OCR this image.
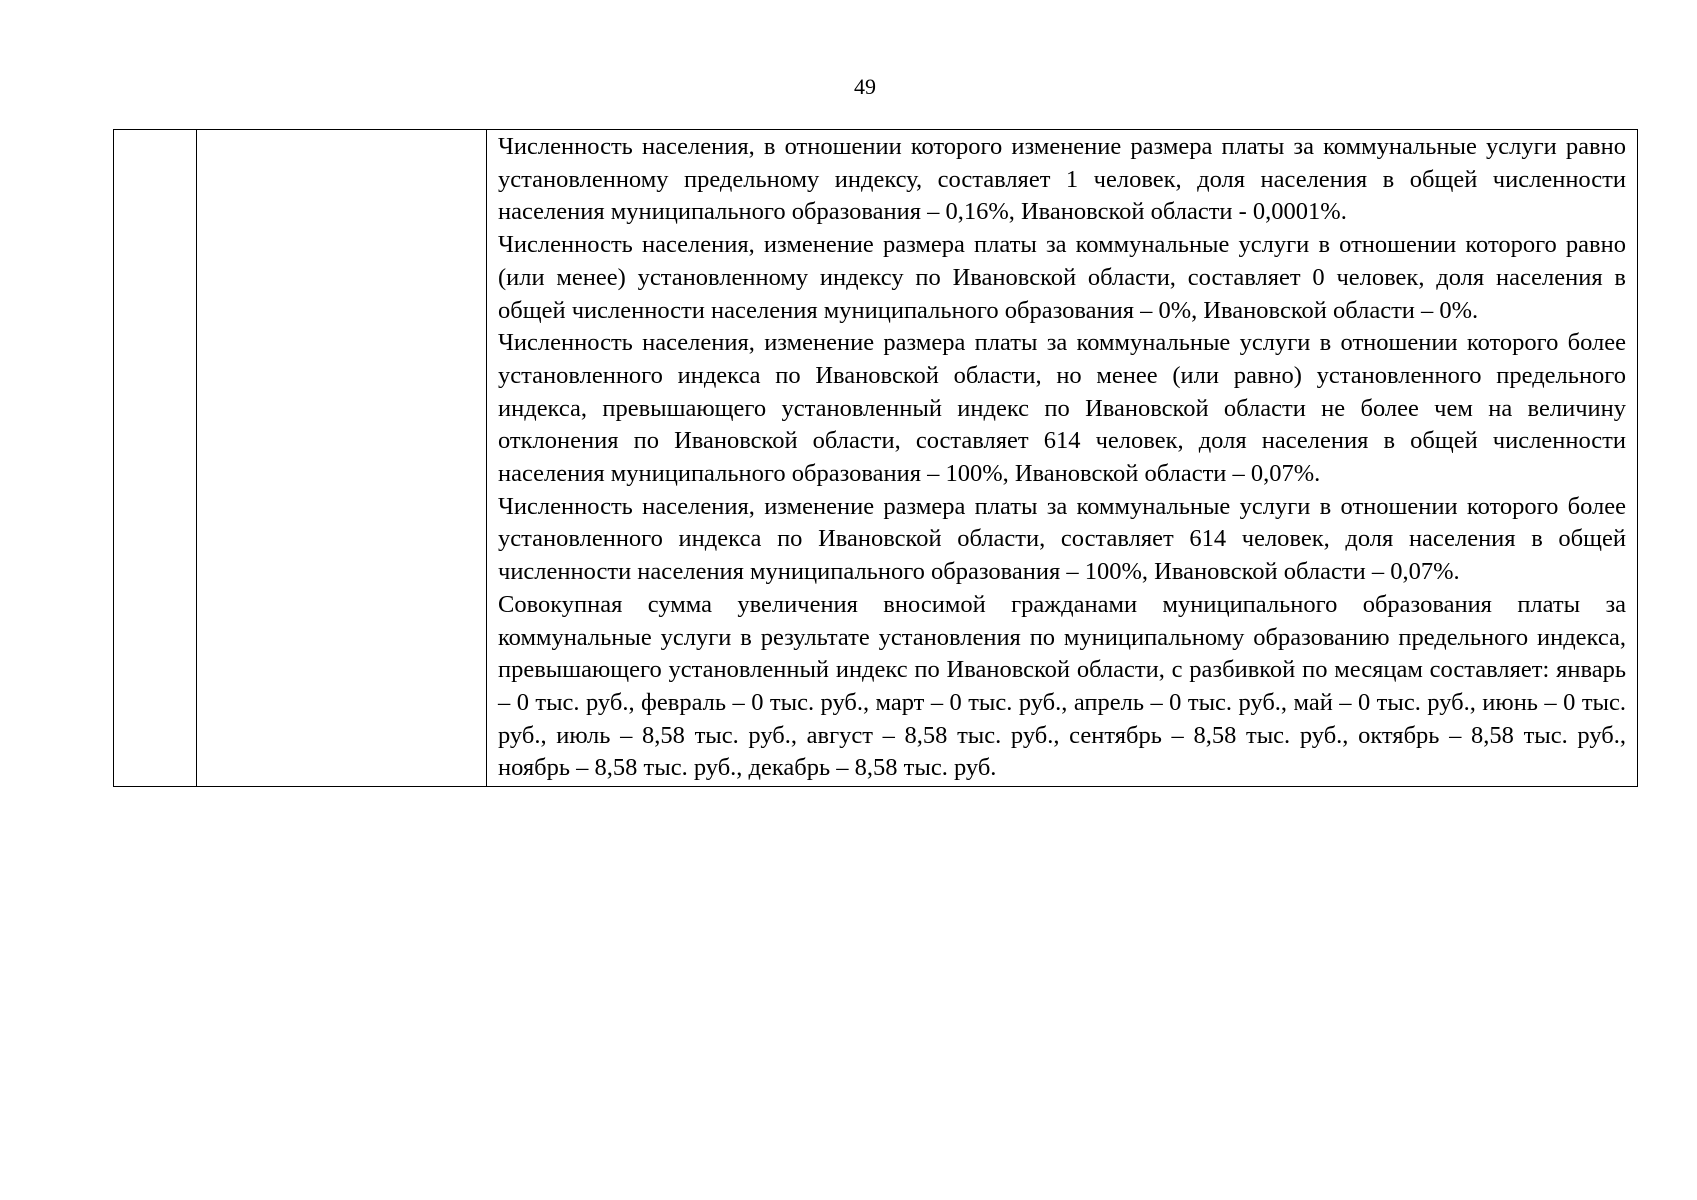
49

Численность населения, в отношении которого изменение размера платы за коммунальные услуги равно установленному предельному индексу, составляет 1 человек, доля населения в общей численности населения муниципального образования – 0,16%, Ивановской области - 0,0001%.

Численность населения, изменение размера платы за коммунальные услуги в отношении которого равно (или менее) установленному индексу по Ивановской области, составляет 0 человек, доля населения в общей численности населения муниципального образования – 0%, Ивановской области – 0%.

Численность населения, изменение размера платы за коммунальные услуги в отношении которого более установленного индекса по Ивановской области, но менее (или равно) установленного предельного индекса, превышающего установленный индекс по Ивановской области не более чем на величину отклонения по Ивановской области, составляет 614 человек, доля населения в общей численности населения муниципального образования – 100%, Ивановской области – 0,07%.

Численность населения, изменение размера платы за коммунальные услуги в отношении которого более установленного индекса по Ивановской области, составляет 614 человек, доля населения в общей численности населения муниципального образования – 100%, Ивановской области – 0,07%.

Совокупная сумма увеличения вносимой гражданами муниципального образования платы за коммунальные услуги в результате установления по муниципальному образованию предельного индекса, превышающего установленный индекс по Ивановской области, с разбивкой по месяцам составляет: январь – 0 тыс. руб., февраль – 0 тыс. руб., март – 0 тыс. руб., апрель – 0 тыс. руб., май – 0 тыс. руб., июнь – 0 тыс. руб., июль – 8,58 тыс. руб., август – 8,58 тыс. руб., сентябрь – 8,58 тыс. руб., октябрь – 8,58 тыс. руб., ноябрь – 8,58 тыс. руб., декабрь – 8,58 тыс. руб.
